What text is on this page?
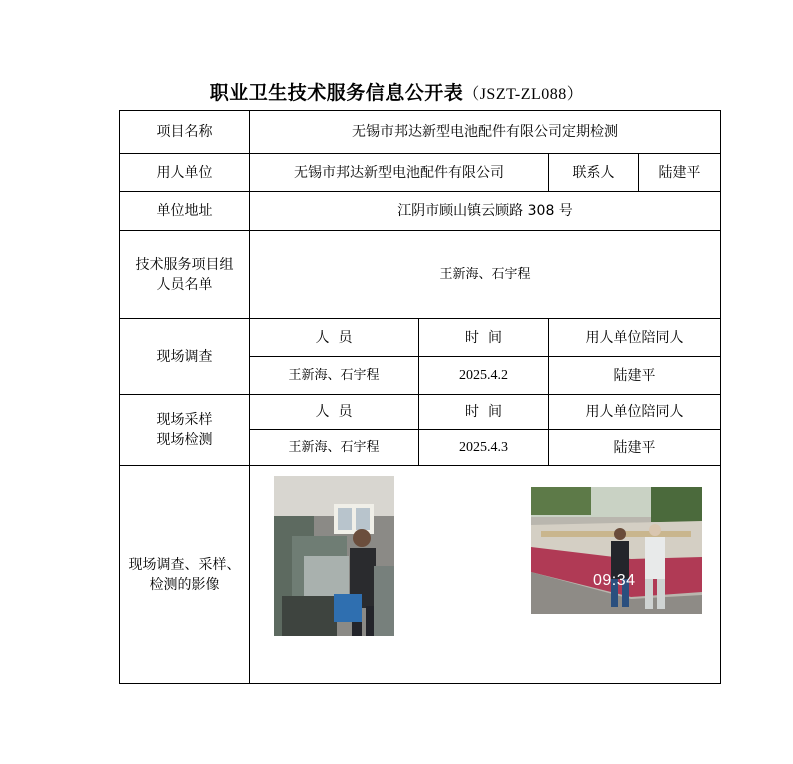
职业卫生技术服务信息公开表（JSZT-ZL088）
项目名称	无锡市邦达新型电池配件有限公司定期检测			
用人单位	无锡市邦达新型电池配件有限公司		联系人	陆建平
单位地址	江阴市顾山镇云顾路 308 号			

技术服务项目组
人员名单	王新海、石宇程			
现场调查	人  员	时  间	用人单位陪同人	
	王新海、石宇程	2025.4.2	陆建平	

现场采样
现场检测	人  员	时  间	用人单位陪同人	
	王新海、石宇程	2025.4.3	陆建平	

现场调查、采样、
检测的影像	09:34			
